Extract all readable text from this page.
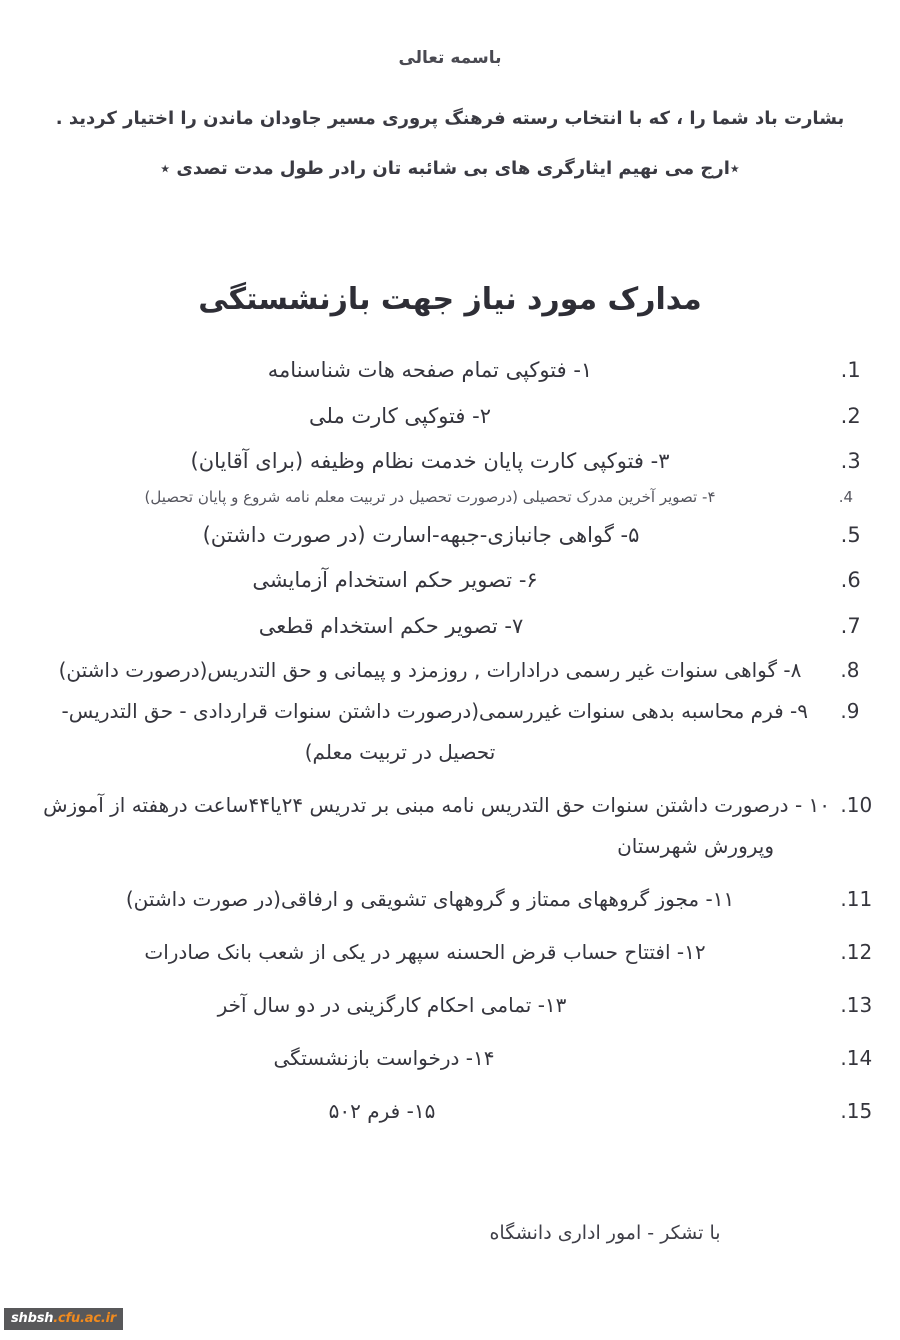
باسمه تعالی
بشارت باد شما را ، که با انتخاب رسته فرهنگ پروری مسیر جاودان ماندن را اختیار کردید .
٭ارج می نهیم ایثارگری های بی شائبه تان رادر طول مدت تصدی ٭
مدارک مورد نیاز جهت بازنشستگی
1. ۱- فتوکپی تمام صفحه هات شناسنامه
2. ۲- فتوکپی کارت ملی
3. ۳- فتوکپی کارت پایان خدمت نظام وظیفه (برای آقایان)
4. ۴- تصویر آخرین مدرک تحصیلی (درصورت تحصیل در تربیت معلم نامه شروع و پایان تحصیل)
5. ۵- گواهی جانبازی-جبهه-اسارت (در صورت داشتن)
6. ۶- تصویر حکم استخدام آزمایشی
7. ۷- تصویر حکم استخدام قطعی
8. ۸- گواهی سنوات غیر رسمی درادارات , روزمزد و پیمانی و حق التدریس(درصورت داشتن)
9. ۹- فرم محاسبه بدهی سنوات غیررسمی(درصورت داشتن سنوات قراردادی - حق التدریس-
تحصیل در تربیت معلم)
10. ۱۰ - درصورت داشتن سنوات حق التدریس نامه مبنی بر تدریس ۲۴یا۴۴ساعت درهفته از آموزش
وپرورش شهرستان
11. ۱۱- مجوز گروههای ممتاز و گروههای تشویقی و ارفاقی(در صورت داشتن)
12. ۱۲- افتتاح حساب قرض الحسنه سپهر در یکی از شعب بانک صادرات
13. ۱۳- تمامی احکام کارگزینی در دو سال آخر
14. ۱۴- درخواست بازنشستگی
15. ۱۵- فرم ۵۰۲
با تشکر - امور اداری دانشگاه
shbsh.cfu.ac.ir
